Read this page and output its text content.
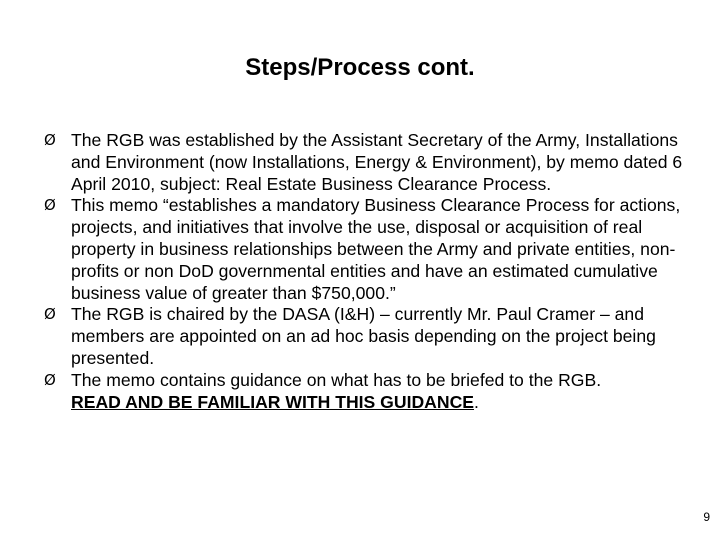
Steps/Process cont.
Ø The RGB was established by the Assistant Secretary of the Army, Installations and Environment (now Installations, Energy & Environment), by memo dated 6 April 2010, subject: Real Estate Business Clearance Process.
Ø This memo “establishes a mandatory Business Clearance Process for actions, projects, and initiatives that involve the use, disposal or acquisition of real property in business relationships between the Army and private entities, non-profits or non DoD governmental entities and have an estimated cumulative business value of greater than $750,000.”
Ø The RGB is chaired by the DASA (I&H) – currently Mr. Paul Cramer – and members are appointed on an ad hoc basis depending on the project being presented.
Ø The memo contains guidance on what has to be briefed to the RGB.
READ AND BE FAMILIAR WITH THIS GUIDANCE.
9
